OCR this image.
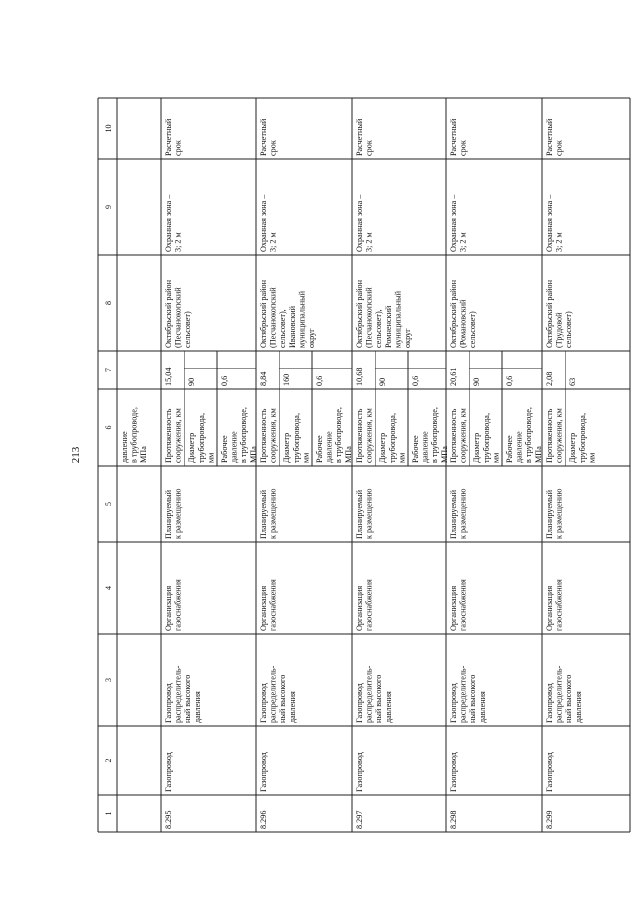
213
1
2
3
4
5
6
7
8
9
10
давление в трубопроводе, МПа
8.295
Газопровод
Газопровод распределитель- ный высокого давления
Организация газоснабжения
Планируемый к размещению
Октябрьский район (Песчанокопский сельсовет)
Охранная зона – 3; 2 м
Расчетный срок
Протяженность сооружения, км
15,04
Диаметр трубопровода, мм
90
Рабочее давление в трубопроводе, МПа
0,6
8.296
Газопровод
Газопровод распределитель- ный высокого давления
Организация газоснабжения
Планируемый к размещению
Октябрьский район (Песчанокопский сельсовет), Ивановский муниципальный округ
Охранная зона – 3; 2 м
Расчетный срок
Протяженность сооружения, км
8,84
Диаметр трубопровода, мм
160
Рабочее давление в трубопроводе, МПа
0,6
8.297
Газопровод
Газопровод распределитель- ный высокого давления
Организация газоснабжения
Планируемый к размещению
Октябрьский район (Песчанокопский сельсовет), Ромненский муниципальный округ
Охранная зона – 3; 2 м
Расчетный срок
Протяженность сооружения, км
10,68
Диаметр трубопровода, мм
90
Рабочее давление в трубопроводе, МПа
0,6
8.298
Газопровод
Газопровод распределитель- ный высокого давления
Организация газоснабжения
Планируемый к размещению
Октябрьский район (Романовский сельсовет)
Охранная зона – 3; 2 м
Расчетный срок
Протяженность сооружения, км
20,61
Диаметр трубопровода, мм
90
Рабочее давление в трубопроводе, МПа
0,6
8.299
Газопровод
Газопровод распределитель- ный высокого давления
Организация газоснабжения
Планируемый к размещению
Октябрьский район (Трудовой сельсовет)
Охранная зона – 3; 2 м
Расчетный срок
Протяженность сооружения, км
2,08
Диаметр трубопровода, мм
63
